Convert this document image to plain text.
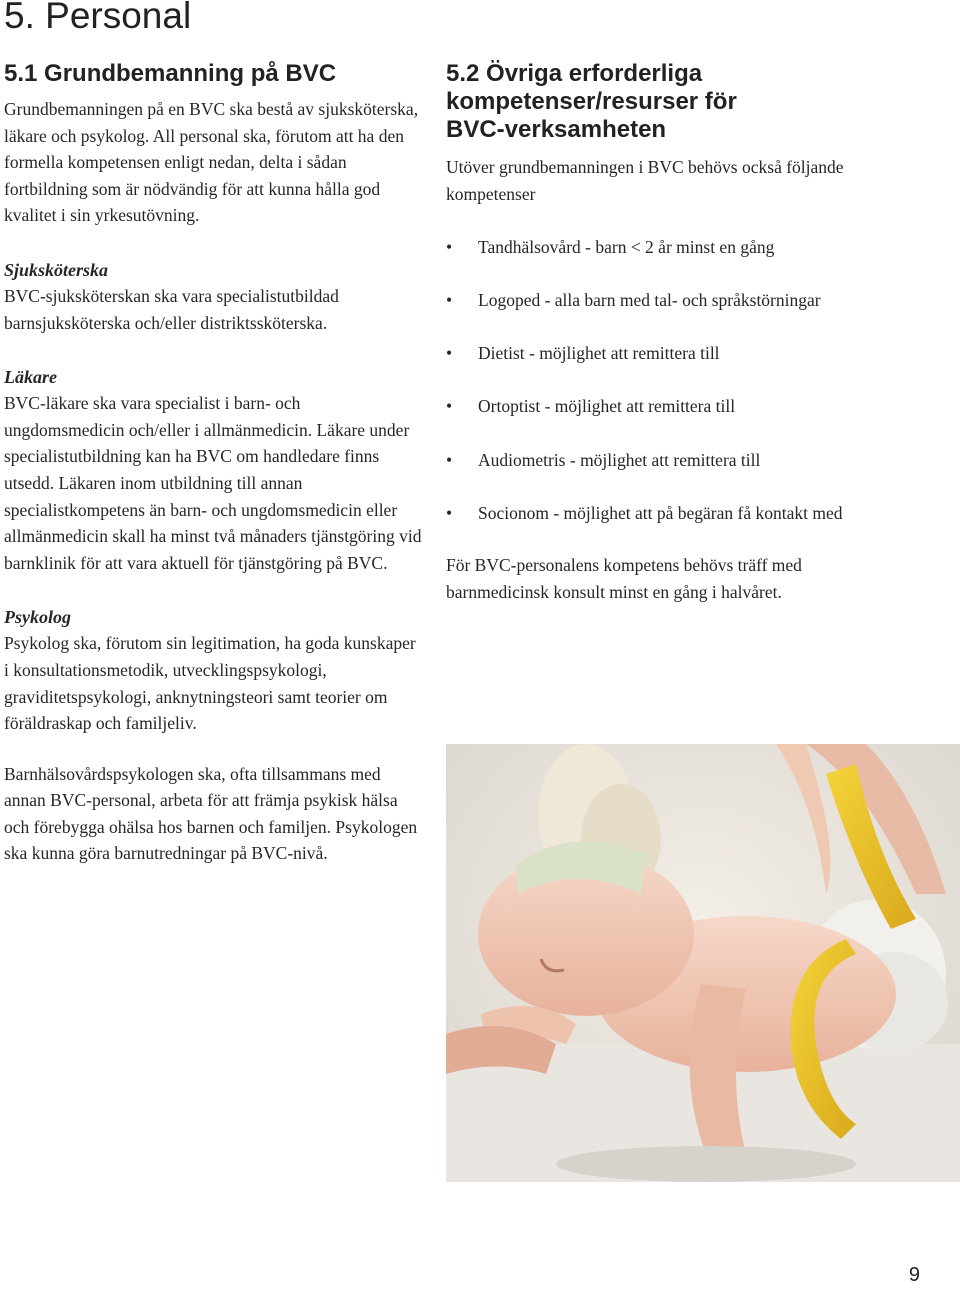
5. Personal
5.1 Grundbemanning på BVC

Grundbemanningen på en BVC ska bestå av sjuksköterska, läkare och psykolog. All personal ska, förutom att ha den formella kompetensen enligt nedan, delta i sådan fortbildning som är nödvändig för att kunna hålla god kvalitet i sin yrkesutövning.

Sjuksköterska

BVC-sjuksköterskan ska vara specialistutbildad barnsjuksköterska och/eller distriktssköterska.

Läkare

BVC-läkare ska vara specialist i barn- och ungdomsmedicin och/eller i allmänmedicin. Läkare under specialistutbildning kan ha BVC om handledare finns utsedd. Läkaren inom utbildning till annan specialistkompetens än barn- och ungdomsmedicin eller allmänmedicin skall ha minst två månaders tjänstgöring vid barnklinik för att vara aktuell för tjänstgöring på BVC.

Psykolog

Psykolog ska, förutom sin legitimation, ha goda kunskaper i konsultationsmetodik, utvecklingspsykologi, graviditetspsykologi, anknytningsteori samt teorier om föräldraskap och familjeliv.

Barnhälsovårdspsykologen ska, ofta tillsammans med annan BVC-personal, arbeta för att främja psykisk hälsa och förebygga ohälsa hos barnen och familjen. Psykologen ska kunna göra barnutredningar på BVC-nivå.

5.2 Övriga erforderliga
kompetenser/resurser för
BVC-verksamheten

Utöver grundbemanningen i BVC behövs också följande kompetenser

• Tandhälsovård - barn < 2 år minst en gång
• Logoped - alla barn med tal- och språkstörningar
• Dietist - möjlighet att remittera till
• Ortoptist - möjlighet att remittera till
• Audiometris - möjlighet att remittera till
• Socionom - möjlighet att på begäran få kontakt med

För BVC-personalens kompetens behövs träff med barnmedicinsk konsult minst en gång i halvåret.

9
